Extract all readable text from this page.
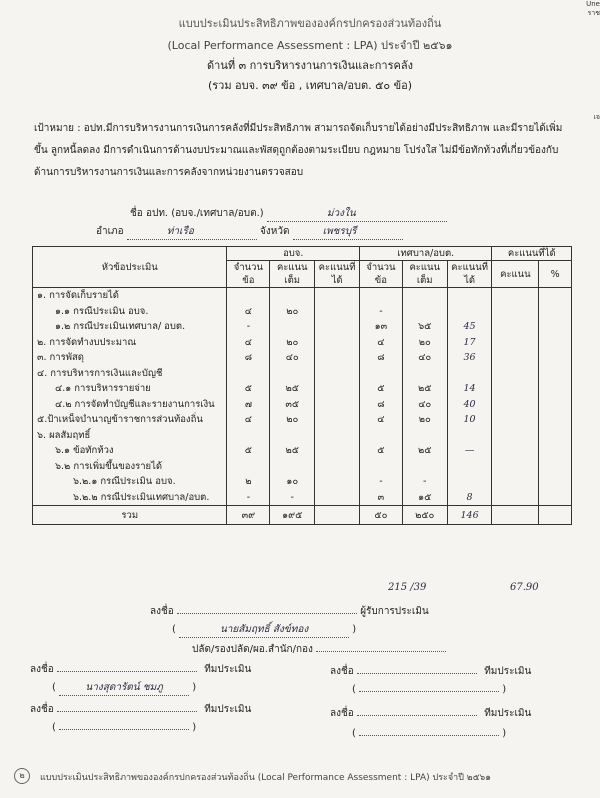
Une
ราช
เจ
แบบประเมินประสิทธิภาพขององค์กรปกครองส่วนท้องถิ่น
(Local Performance Assessment : LPA) ประจำปี ๒๕๖๑
ด้านที่ ๓ การบริหารงานการเงินและการคลัง
(รวม อบจ. ๓๙ ข้อ , เทศบาล/อบต. ๕๐ ข้อ)
เป้าหมาย : อปท.มีการบริหารงานการเงินการคลังที่มีประสิทธิภาพ สามารถจัดเก็บรายได้อย่างมีประสิทธิภาพ และมีรายได้เพิ่มขึ้น ลูกหนี้ลดลง มีการดำเนินการด้านงบประมาณและพัสดุถูกต้องตามระเบียบ กฎหมาย โปร่งใส ไม่มีข้อทักท้วงที่เกี่ยวข้องกับด้านการบริหารงานการเงินและการคลังจากหน่วยงานตรวจสอบ
ชื่อ อปท. (อบจ./เทศบาล/อบต.)	ม่วงใน
อำเภอ	ท่าเรือ	จังหวัด	เพชรบุรี
หัวข้อประเมิน	อบจ.			เทศบาล/อบต.			คะแนนที่ได้	
	จำนวนข้อ	คะแนนเต็ม	คะแนนที่ได้	จำนวนข้อ	คะแนนเต็ม	คะแนนที่ได้	คะแนน	%
๑. การจัดเก็บรายได้								
๑.๑ กรณีประเมิน อบจ.	๔	๒๐		-				
๑.๒ กรณีประเมินเทศบาล/ อบต.	-			๑๓	๖๕	45		
๒. การจัดทำงบประมาณ	๔	๒๐		๔	๒๐	17		
๓. การพัสดุ	๘	๔๐		๘	๔๐	36		
๔. การบริหารการเงินและบัญชี								
๔.๑ การบริหารรายจ่าย	๕	๒๕		๕	๒๕	14		
๔.๒ การจัดทำบัญชีและรายงานการเงิน	๗	๓๕		๘	๔๐	40		
๕.ป้าเหน็จบำนาญข้าราชการส่วนท้องถิ่น	๔	๒๐		๔	๒๐	10		
๖. ผลสัมฤทธิ์								
๖.๑ ข้อทักท้วง	๕	๒๕		๕	๒๕	—		
๖.๒ การเพิ่มขึ้นของรายได้								
๖.๒.๑ กรณีประเมิน อบจ.	๒	๑๐		-	-			
๖.๒.๒ กรณีประเมินเทศบาล/อบต.	-	-		๓	๑๕	8		
รวม	๓๙	๑๙๕		๕๐	๒๕๐	146		
215 /39	67.90
ลงชื่อ	ผู้รับการประเมิน
(	นายสัมฤทธิ์ สังข์ทอง	)
ปลัด/รองปลัด/ผอ.สำนัก/กอง
ลงชื่อ	ทีมประเมิน
(	นางสุดารัตน์ ชมภู	)
ลงชื่อ	ทีมประเมิน
(	)
ลงชื่อ	ทีมประเมิน
(	)
ลงชื่อ	ทีมประเมิน
(	)
๒	แบบประเมินประสิทธิภาพขององค์กรปกครองส่วนท้องถิ่น (Local Performance Assessment : LPA) ประจำปี ๒๕๖๑
